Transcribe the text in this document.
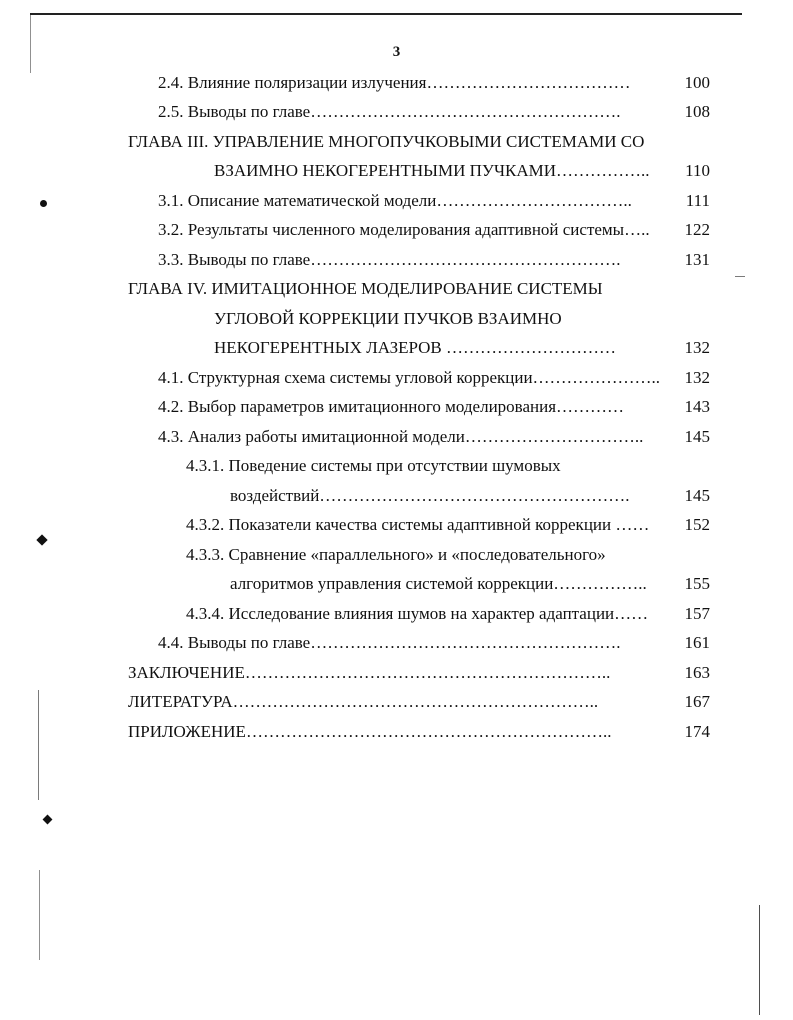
3
2.4. Влияние поляризации излучения………………………………	100
2.5. Выводы по главе……………………………………………….	108
ГЛАВА III. УПРАВЛЕНИЕ МНОГОПУЧКОВЫМИ СИСТЕМАМИ СО
ВЗАИМНО НЕКОГЕРЕНТНЫМИ ПУЧКАМИ……………..	110
3.1. Описание математической модели……………………………..	111
3.2. Результаты численного моделирования адаптивной системы….. 122
3.3. Выводы по главе……………………………………………….	131
ГЛАВА IV. ИМИТАЦИОННОЕ МОДЕЛИРОВАНИЕ СИСТЕМЫ
УГЛОВОЙ КОРРЕКЦИИ ПУЧКОВ ВЗАИМНО
НЕКОГЕРЕНТНЫХ ЛАЗЕРОВ …………………………	132
4.1. Структурная схема системы угловой коррекции………………….. 132
4.2. Выбор параметров имитационного моделирования…………	143
4.3. Анализ работы имитационной модели………………………….. 145
4.3.1. Поведение системы при отсутствии шумовых
воздействий……………………………………………….	145
4.3.2. Показатели качества системы адаптивной коррекции …… 152
4.3.3. Сравнение «параллельного» и «последовательного»
алгоритмов управления системой коррекции…………….. 155
4.3.4. Исследование влияния шумов на характер адаптации…… 157
4.4. Выводы по главе……………………………………………….	161
ЗАКЛЮЧЕНИЕ………………………………………………………..	163
ЛИТЕРАТУРА………………………………………………………..	167
ПРИЛОЖЕНИЕ………………………………………………………..	174
